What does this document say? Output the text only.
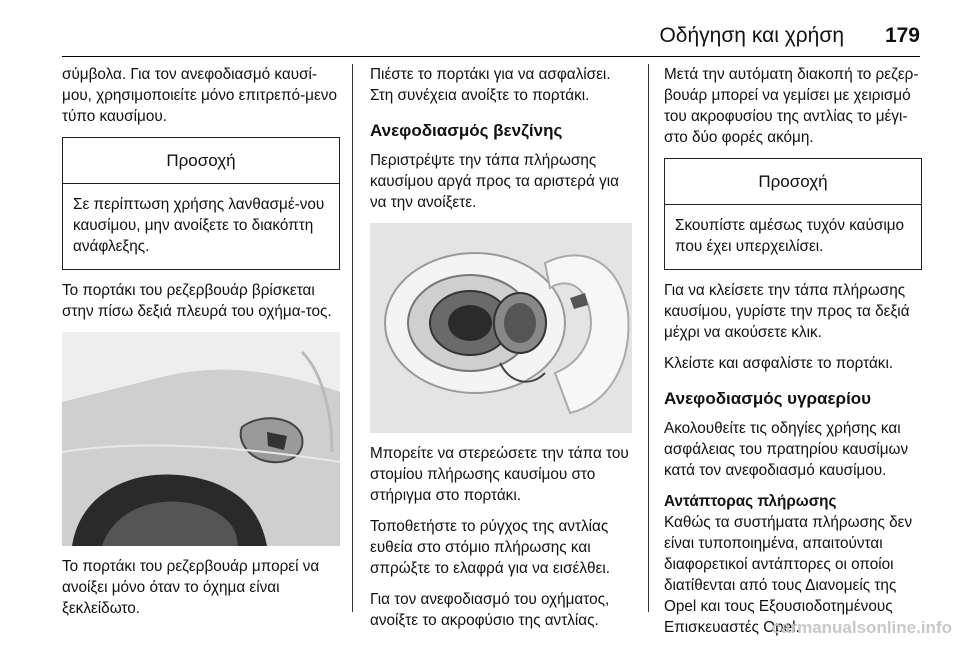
Οδήγηση και χρήση 179

σύμβολα. Για τον ανεφοδιασμό καυσί-μου, χρησιμοποιείτε μόνο επιτρεπό-μενο τύπο καυσίμου.

Προσοχή
Σε περίπτωση χρήσης λανθασμέ-νου καυσίμου, μην ανοίξετε το διακόπτη ανάφλεξης.

Το πορτάκι του ρεζερβουάρ βρίσκεται στην πίσω δεξιά πλευρά του οχήμα-τος.

Το πορτάκι του ρεζερβουάρ μπορεί να ανοίξει μόνο όταν το όχημα είναι ξεκλείδωτο.

Πιέστε το πορτάκι για να ασφαλίσει. Στη συνέχεια ανοίξτε το πορτάκι.

Ανεφοδιασμός βενζίνης

Περιστρέψτε την τάπα πλήρωσης καυσίμου αργά προς τα αριστερά για να την ανοίξετε.

Μπορείτε να στερεώσετε την τάπα του στομίου πλήρωσης καυσίμου στο στήριγμα στο πορτάκι.

Τοποθετήστε το ρύγχος της αντλίας ευθεία στο στόμιο πλήρωσης και σπρώξτε το ελαφρά για να εισέλθει.

Για τον ανεφοδιασμό του οχήματος, ανοίξτε το ακροφύσιο της αντλίας.

Μετά την αυτόματη διακοπή το ρεζερ-βουάρ μπορεί να γεμίσει με χειρισμό του ακροφυσίου της αντλίας το μέγι-στο δύο φορές ακόμη.

Προσοχή
Σκουπίστε αμέσως τυχόν καύσιμο που έχει υπερχειλίσει.

Για να κλείσετε την τάπα πλήρωσης καυσίμου, γυρίστε την προς τα δεξιά μέχρι να ακούσετε κλικ.

Κλείστε και ασφαλίστε το πορτάκι.

Ανεφοδιασμός υγραερίου

Ακολουθείτε τις οδηγίες χρήσης και ασφάλειας του πρατηρίου καυσίμων κατά τον ανεφοδιασμό καυσίμου.

Αντάπτορας πλήρωσης

Καθώς τα συστήματα πλήρωσης δεν είναι τυποποιημένα, απαιτούνται διαφορετικοί αντάπτορες οι οποίοι διατίθενται από τους Διανομείς της Opel και τους Εξουσιοδοτημένους Επισκευαστές Opel.

carmanualsonline.info
